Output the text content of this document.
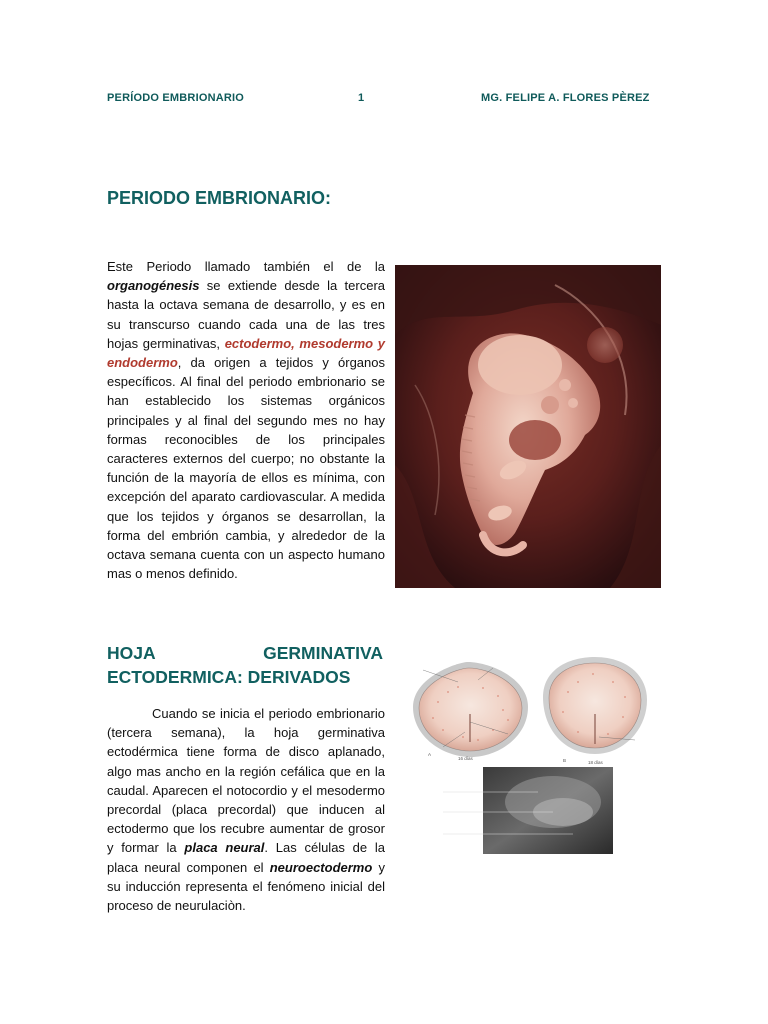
PERÍODO EMBRIONARIO	1	MG. FELIPE A. FLORES PÈREZ
PERIODO EMBRIONARIO:
Este Periodo llamado también el de la organogénesis se extiende desde la tercera hasta la octava semana de desarrollo, y es en su transcurso cuando cada una de las tres hojas germinativas, ectodermo, mesodermo y endodermo, da origen a tejidos y órganos específicos. Al final del periodo embrionario se han establecido los sistemas orgánicos principales y al final del segundo mes no hay formas reconocibles de los principales caracteres externos del cuerpo; no obstante la función de la mayoría de ellos es mínima, con excepción del aparato cardiovascular. A medida que los tejidos y órganos se desarrollan, la forma del embrión cambia, y alrededor de la octava semana cuenta con un aspecto humano mas o menos definido.
HOJA	GERMINATIVA
ECTODERMICA: DERIVADOS
Cuando se inicia el periodo embrionario (tercera semana), la hoja germinativa ectodérmica tiene forma de disco aplanado, algo mas ancho en la región cefálica que en la caudal. Aparecen el notocordio y el mesodermo precordal (placa precordal) que inducen al ectodermo que los recubre aumentar de grosor y formar la placa neural. Las células de la placa neural componen el neuroectodermo y su inducción representa el fenómeno inicial del proceso de neurulaciòn.
A
16 días	B	18 días
